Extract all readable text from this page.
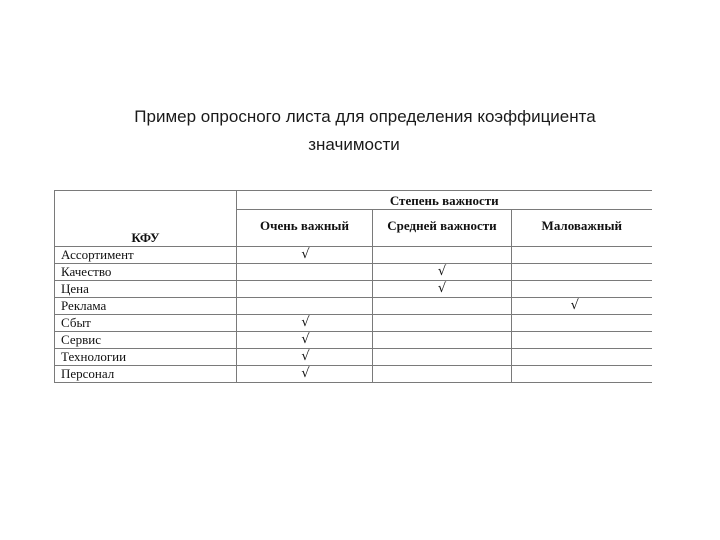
Пример опросного листа для определения коэффициента
значимости
КФУ	Степень важности		
	Очень важный	Средней важности	Маловажный
Ассортимент	√		
Качество		√	
Цена		√	
Реклама			√
Сбыт	√		
Сервис	√		
Технологии	√		
Персонал	√		
